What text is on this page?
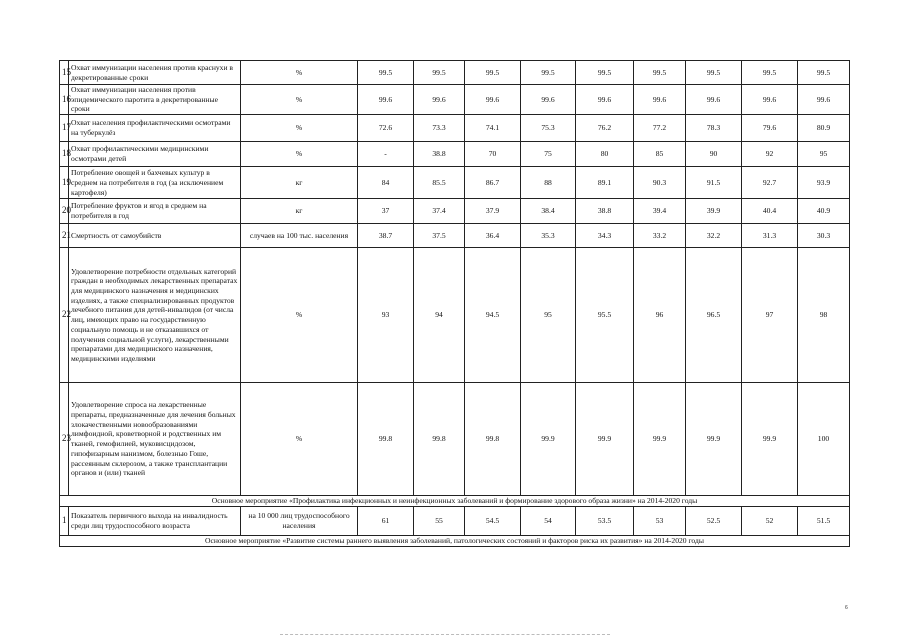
15	Охват иммунизации населения против краснухи в декретированные сроки	%	99.5	99.5	99.5	99.5	99.5	99.5	99.5	99.5	99.5
16	Охват иммунизации населения против эпидемического паротита в декретированные сроки	%	99.6	99.6	99.6	99.6	99.6	99.6	99.6	99.6	99.6
17	Охват населения профилактическими осмотрами на туберкулёз	%	72.6	73.3	74.1	75.3	76.2	77.2	78.3	79.6	80.9
18	Охват профилактическими медицинскими осмотрами детей	%	-	38.8	70	75	80	85	90	92	95
19	Потребление овощей и бахчевых культур в среднем на потребителя в год (за исключением картофеля)	кг	84	85.5	86.7	88	89.1	90.3	91.5	92.7	93.9
20	Потребление фруктов и ягод в среднем на потребителя в год	кг	37	37.4	37.9	38.4	38.8	39.4	39.9	40.4	40.9
21	Смертность от самоубийств	случаев на 100 тыс. населения	38.7	37.5	36.4	35.3	34.3	33.2	32.2	31.3	30.3
22	Удовлетворение потребности отдельных категорий граждан в необходимых лекарственных препаратах для медицинского назначения и медицинских изделиях, а также специализированных продуктов лечебного питания для детей-инвалидов (от числа лиц, имеющих право на государственную социальную помощь и не отказавшихся от получения социальной услуги), лекарственными препаратами для медицинского назначения, медицинскими изделиями	%	93	94	94.5	95	95.5	96	96.5	97	98
23	Удовлетворение спроса на лекарственные препараты, предназначенные для лечения больных злокачественными новообразованиями лимфоидной, кроветворной и родственных им тканей, гемофилией, муковисцидозом, гипофизарным нанизмом, болезнью Гоше, рассеянным склерозом, а также трансплантации органов и (или) тканей	%	99.8	99.8	99.8	99.9	99.9	99.9	99.9	99.9	100
Основное мероприятие «Профилактика инфекционных и неинфекционных заболеваний и формирование здорового образа жизни» на 2014-2020 годы											
1	Показатель первичного выхода на инвалидность среди лиц трудоспособного возраста	на 10 000 лиц трудоспособного населения	61	55	54.5	54	53.5	53	52.5	52	51.5
Основное мероприятие «Развитие системы раннего выявления заболеваний, патологических состояний и факторов риска их развития» на 2014-2020 годы											
6
